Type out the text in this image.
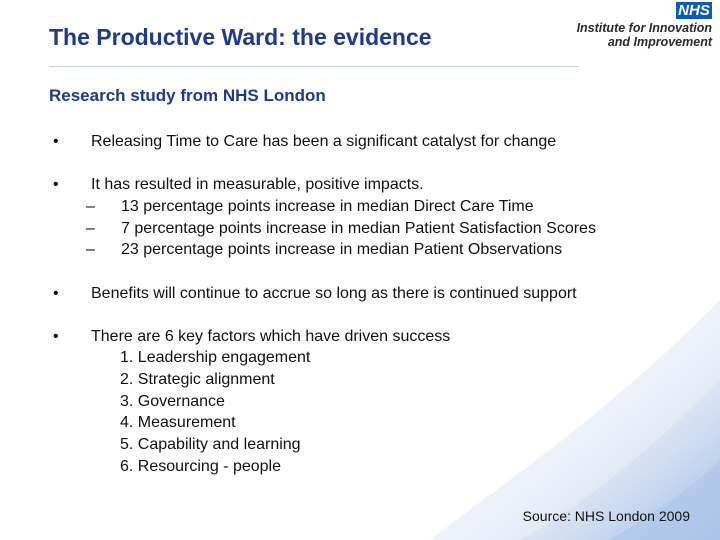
The Productive Ward: the evidence
NHS
Institute for Innovation
and Improvement
Research study from NHS London
• Releasing Time to Care has been a significant catalyst for change
• It has resulted in measurable, positive impacts.
– 13 percentage points increase in median Direct Care Time
– 7 percentage points increase in median Patient Satisfaction Scores
– 23 percentage points increase in median Patient Observations
• Benefits will continue to accrue so long as there is continued support
• There are 6 key factors which have driven success
1. Leadership engagement
2. Strategic alignment
3. Governance
4. Measurement
5. Capability and learning
6. Resourcing - people
Source: NHS London 2009
